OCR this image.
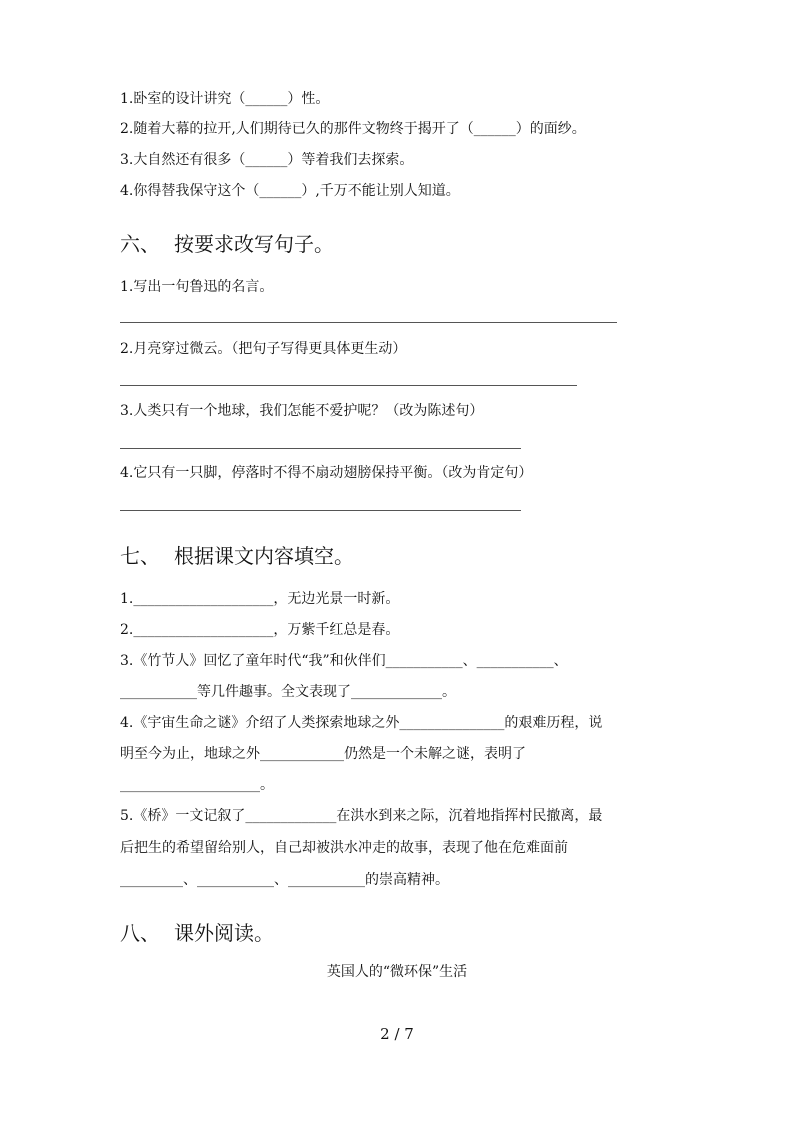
1.卧室的设计讲究（______）性。
2.随着大幕的拉开,人们期待已久的那件文物终于揭开了（______）的面纱。
3.大自然还有很多（______）等着我们去探索。
4.你得替我保守这个（______）,千万不能让别人知道。
六、 按要求改写句子。
1.写出一句鲁迅的名言。
2.月亮穿过微云。（把句子写得更具体更生动）
3.人类只有一个地球，我们怎能不爱护呢？（改为陈述句）
4.它只有一只脚，停落时不得不扇动翅膀保持平衡。（改为肯定句）
七、 根据课文内容填空。
1.____________________，无边光景一时新。
2.____________________，万紫千红总是春。
3.《竹节人》回忆了童年时代“我”和伙伴们___________、___________、
___________等几件趣事。全文表现了_____________。
4.《宇宙生命之谜》介绍了人类探索地球之外_______________的艰难历程，说
明至今为止，地球之外____________仍然是一个未解之谜，表明了
____________________。
5.《桥》一文记叙了_____________在洪水到来之际，沉着地指挥村民撤离，最
后把生的希望留给别人，自己却被洪水冲走的故事，表现了他在危难面前
_________、___________、___________的崇高精神。
八、 课外阅读。
英国人的“微环保”生活
2 / 7
